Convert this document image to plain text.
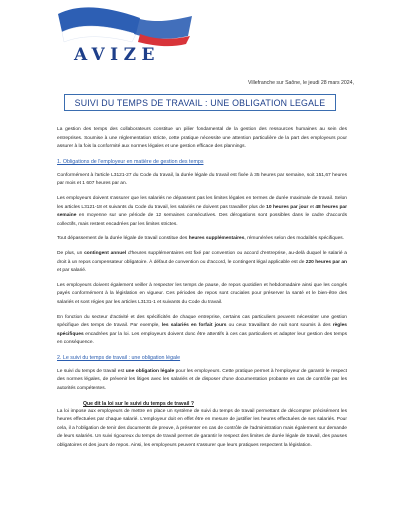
AVIZE
Villefranche sur Saône, le jeudi 28 mars 2024,
SUIVI DU TEMPS DE TRAVAIL : UNE OBLIGATION LEGALE

La gestion des temps des collaborateurs constitue un pilier fondamental de la gestion des ressources humaines au sein des entreprises. Soumise à une réglementation stricte, cette pratique nécessite une attention particulière de la part des employeurs pour assurer à la fois la conformité aux normes légales et une gestion efficace des plannings.

1. Obligations de l'employeur en matière de gestion des temps

Conformément à l'article L3121-27 du Code du travail, la durée légale du travail est fixée à 35 heures par semaine, soit 151,67 heures par mois et 1 607 heures par an.

Les employeurs doivent s'assurer que les salariés ne dépassent pas les limites légales en termes de durée maximale de travail. Selon les articles L3121-18 et suivants du Code du travail, les salariés ne doivent pas travailler plus de 10 heures par jour et 48 heures par semaine en moyenne sur une période de 12 semaines consécutives. Des dérogations sont possibles dans le cadre d'accords collectifs, mais restent encadrées par les limites strictes.

Tout dépassement de la durée légale de travail constitue des heures supplémentaires, rémunérées selon des modalités spécifiques.

De plus, un contingent annuel d'heures supplémentaires est fixé par convention ou accord d'entreprise, au-delà duquel le salarié a droit à un repos compensateur obligatoire. À défaut de convention ou d'accord, le contingent légal applicable est de 220 heures par an et par salarié.

Les employeurs doivent également veiller à respecter les temps de pause, de repos quotidien et hebdomadaire ainsi que les congés payés conformément à la législation en vigueur. Ces périodes de repos sont cruciales pour préserver la santé et le bien-être des salariés et sont régies par les articles L3131-1 et suivants du Code du travail.

En fonction du secteur d'activité et des spécificités de chaque entreprise, certains cas particuliers peuvent nécessiter une gestion spécifique des temps de travail. Par exemple, les salariés en forfait jours ou ceux travaillant de nuit sont soumis à des règles spécifiques encadrées par la loi. Les employeurs doivent donc être attentifs à ces cas particuliers et adapter leur gestion des temps en conséquence.

2. Le suivi du temps de travail : une obligation légale

Le suivi du temps de travail est une obligation légale pour les employeurs. Cette pratique permet à l'employeur de garantir le respect des normes légales, de prévenir les litiges avec les salariés et de disposer d'une documentation probante en cas de contrôle par les autorités compétentes.

Que dit la loi sur le suivi du temps de travail ?

La loi impose aux employeurs de mettre en place un système de suivi du temps de travail permettant de décompter précisément les heures effectuées par chaque salarié. L'employeur doit en effet être en mesure de justifier les heures effectuées de ses salariés. Pour cela, il a l'obligation de tenir des documents de preuve, à présenter en cas de contrôle de l'administration mais également sur demande de leurs salariés. Un suivi rigoureux du temps de travail permet de garantir le respect des limites de durée légale de travail, des pauses obligatoires et des jours de repos. Ainsi, les employeurs peuvent s'assurer que leurs pratiques respectent la législation.
